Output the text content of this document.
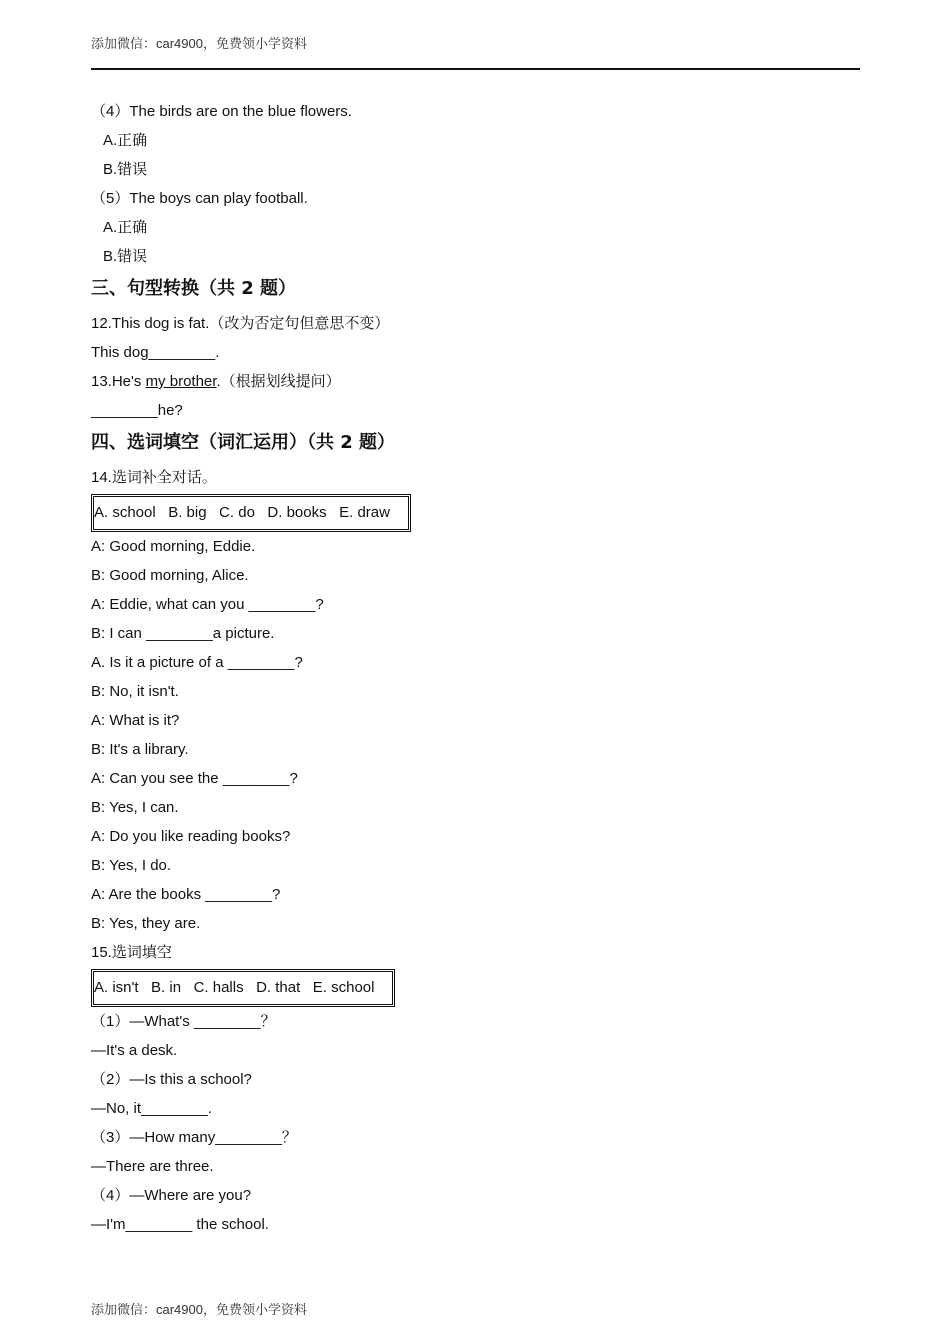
添加微信：car4900，免费领小学资料
（4）The birds are on the blue flowers.
A.正确
B.错误
（5）The boys can play football.
A.正确
B.错误
三、句型转换（共 2 题）
12.This dog is fat.（改为否定句但意思不变）
This dog________.
13.He's my brother.（根据划线提问）
________he?
四、选词填空（词汇运用）（共 2 题）
14.选词补全对话。
A. school   B. big   C. do   D. books   E. draw
A: Good morning, Eddie.
B: Good morning, Alice.
A: Eddie, what can you ________?
B: I can ________a picture.
A. Is it a picture of a ________?
B: No, it isn't.
A: What is it?
B: It's a library.
A: Can you see the ________?
B: Yes, I can.
A: Do you like reading books?
B: Yes, I do.
A: Are the books ________?
B: Yes, they are.
15.选词填空
A. isn't   B. in   C. halls   D. that   E. school
（1）—What's ________？
—It's a desk.
（2）—Is this a school?
—No, it________.
（3）—How many________？
—There are three.
（4）—Where are you?
—I'm________ the school.
添加微信：car4900，免费领小学资料
